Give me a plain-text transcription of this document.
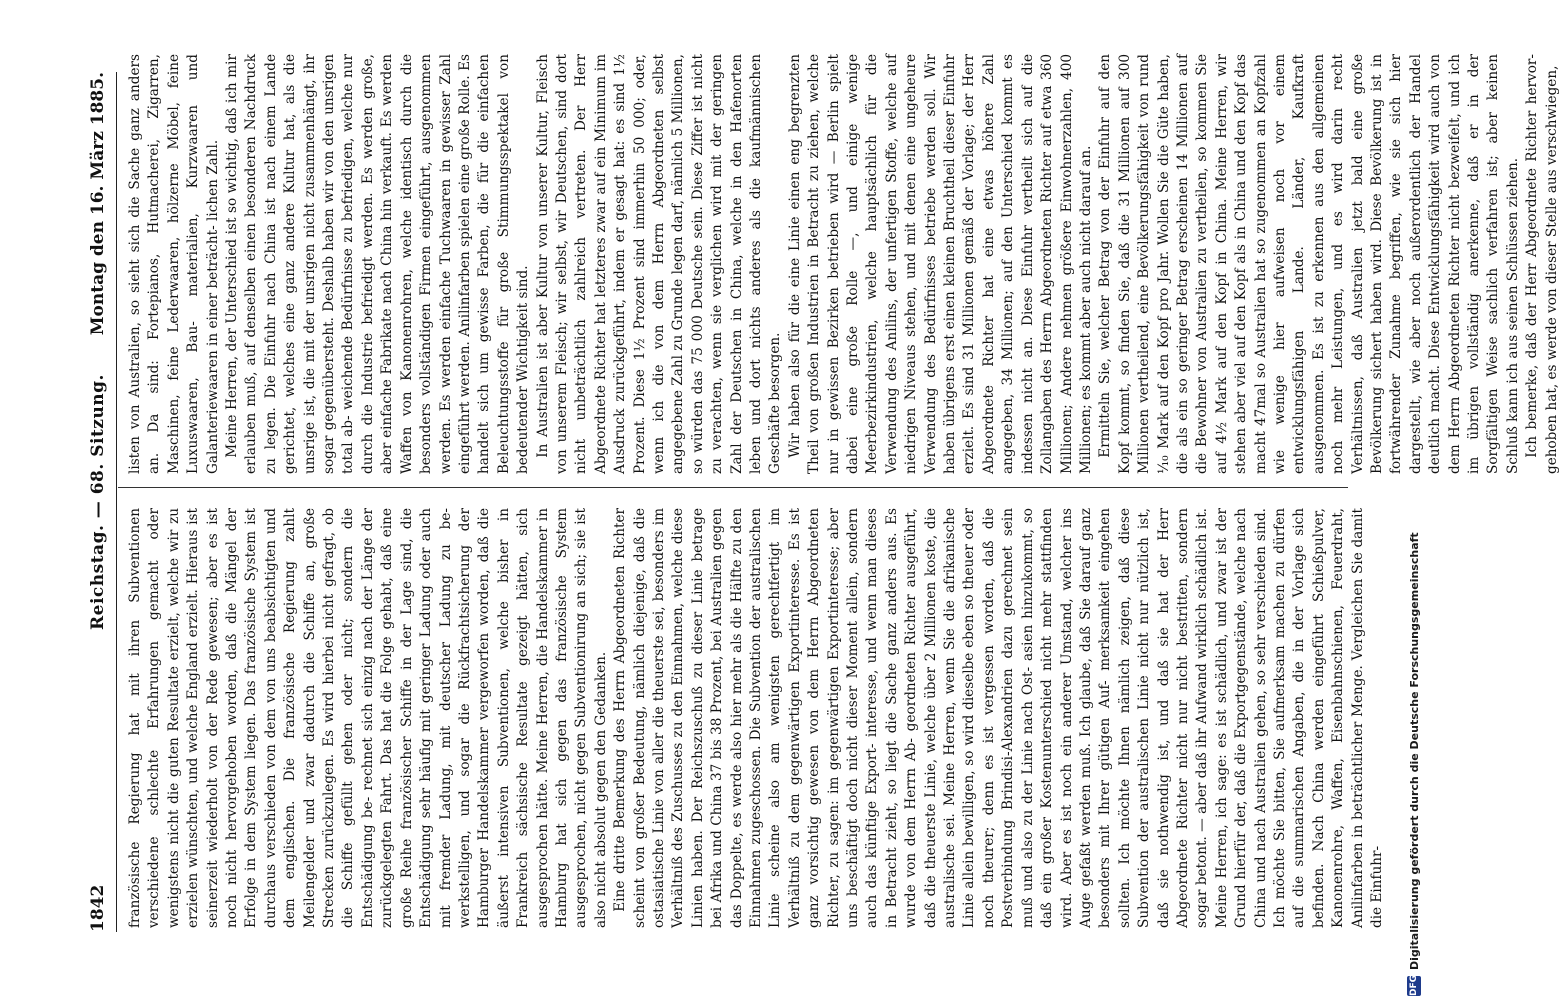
1842
Reichstag. — 68. Sitzung.
Montag den 16. März 1885.

französische Regierung hat mit ihren Subventionen verschiedene schlechte Erfahrungen gemacht oder wenigstens nicht die guten Resultate erzielt, welche wir zu erzielen wünschten, und welche England erzielt. Hieraus ist seinerzeit wiederholt von der Rede gewesen; aber es ist noch nicht hervorgehoben worden, daß die Mängel der Erfolge in dem System liegen. Das französische System ist durchaus verschieden von dem von uns beabsichtigten und dem englischen. Die französische Regierung zahlt Meilengelder und zwar dadurch die Schiffe an, große Strecken zurückzulegen. Es wird hierbei nicht gefragt, ob die Schiffe gefüllt gehen oder nicht; sondern die Entschädigung be- rechnet sich einzig nach der Länge der zurückgelegten Fahrt. Das hat die Folge gehabt, daß eine große Reihe französischer Schiffe in der Lage sind, die Entschädigung sehr häufig mit geringer Ladung oder auch mit fremder Ladung, mit deutscher Ladung zu be- werkstelligen, und sogar die Rückfrachtsicherung der Hamburger Handelskammer vergeworfen worden, daß die äußerst intensiven Subventionen, welche bisher in Frankreich sächsische Resultate gezeigt hätten, sich ausgesprochen hätte. Meine Herren, die Handelskammer in Hamburg hat sich gegen das französische System ausgesprochen, nicht gegen Subventionirung an sich; sie ist also nicht absolut gegen den Gedanken. Eine dritte Bemerkung des Herrn Abgeordneten Richter scheint von großer Bedeutung, nämlich diejenige, daß die ostasiatische Linie von aller die theuerste sei, besonders im Verhältniß des Zuschusses zu den Einnahmen, welche diese Linien haben. Der Reichszuschuß zu dieser Linie betrage bei Afrika und China 37 bis 38 Prozent, bei Australien gegen das Doppelte, es werde also hier mehr als die Hälfte zu den Einnahmen zugeschossen. Die Subvention der australischen Linie scheine also am wenigsten gerechtfertigt im Verhältniß zu dem gegenwärtigen Exportinteresse. Es ist ganz vorsichtig gewesen von dem Herrn Abgeordneten Richter, zu sagen: im gegenwärtigen Exportinteresse; aber uns beschäftigt doch nicht dieser Moment allein, sondern auch das künftige Export- interesse, und wenn man dieses in Betracht zieht, so liegt die Sache ganz anders aus. Es wurde von dem Herrn Ab- geordneten Richter ausgeführt, daß die theuerste Linie, welche über 2 Millionen koste, die australische sei. Meine Herren, wenn Sie die afrikanische Linie allein bewilligen, so wird dieselbe eben so theuer oder noch theurer; denn es ist vergessen worden, daß die Postverbindung Brindisi-Alexandrien dazu gerechnet sein muß und also zu der Linie nach Ost- asien hinzukommt, so daß ein großer Kostenunterschied nicht mehr stattfinden wird. Aber es ist noch ein anderer Umstand, welcher ins Auge gefaßt werden muß. Ich glaube, daß Sie darauf ganz besonders mit Ihrer gütigen Auf- merksamkeit eingehen sollten. Ich möchte Ihnen nämlich zeigen, daß diese Subvention der australischen Linie nicht nur nützlich ist, daß sie nothwendig ist, und daß sie hat der Herr Abgeordnete Richter nicht nur nicht bestritten, sondern sogar betont. — aber daß ihr Aufwand wirklich schädlich ist. Meine Herren, ich sage: es ist schädlich, und zwar ist der Grund hierfür der, daß die Exportgegenstände, welche nach China und nach Australien gehen, so sehr verschieden sind. Ich möchte Sie bitten, Sie aufmerksam machen zu dürfen auf die summarischen Angaben, die in der Vorlage sich befinden. Nach China werden eingeführt Schießpulver, Kanonenrohre, Waffen, Eisenbahnschienen, Feuerdraht, Anilinfarben in beträchtlicher Menge. Vergleichen Sie damit die Einfuhr-

listen von Australien, so sieht sich die Sache ganz anders an. Da sind: Fortepianos, Hutmacherei, Zigarren, Maschinen, feine Lederwaaren, hölzerne Möbel, feine Luxuswaaren, Bau- materialien, Kurzwaaren und Galanteriewaaren in einer beträcht- lichen Zahl. Meine Herren, der Unterschied ist so wichtig, daß ich mir erlauben muß, auf denselben einen besonderen Nachdruck zu legen. Die Einfuhr nach China ist nach einem Lande gerichtet, welches eine ganz andere Kultur hat, als die unsrige ist, die mit der unsrigen nicht zusammenhängt, ihr sogar gegenübersteht. Deshalb haben wir von den unsrigen total ab- weichende Bedürfnisse zu befriedigen, welche nur durch die Industrie befriedigt werden. Es werden große, aber einfache Fabrikate nach China hin verkauft. Es werden Waffen von Kanonenrohren, welche identisch durch die besonders vollständigen Firmen eingeführt, ausgenommen werden. Es werden einfache Tuchwaaren in gewisser Zahl eingeführt werden. Anilinfarben spielen eine große Rolle. Es handelt sich um gewisse Farben, die für die einfachen Beleuchtungsstoffe für große Stimmungsspektakel von bedeutender Wichtigkeit sind. In Australien ist aber Kultur von unserer Kultur, Fleisch von unserem Fleisch; wir selbst, wir Deutschen, sind dort nicht unbeträchtlich zahlreich vertreten. Der Herr Abgeordnete Richter hat letzteres zwar auf ein Minimum im Ausdruck zurückgeführt, indem er gesagt hat: es sind 1½ Prozent. Diese 1½ Prozent sind immerhin 50 000; oder, wenn ich die von dem Herrn Abgeordneten selbst angegebene Zahl zu Grunde legen darf, nämlich 5 Millionen, so würden das 75 000 Deutsche sein. Diese Ziffer ist nicht zu verachten, wenn sie verglichen wird mit der geringen Zahl der Deutschen in China, welche in den Hafenorten leben und dort nichts anderes als die kaufmännischen Geschäfte besorgen. Wir haben also für die eine Linie einen eng begrenzten Theil von großen Industrien in Betracht zu ziehen, welche nur in gewissen Bezirken betrieben wird — Berlin spielt dabei eine große Rolle —, und einige wenige Meerbezirkindustrien, welche hauptsächlich für die Verwendung des Anilins, der unfertigen Stoffe, welche auf niedrigen Niveaus stehen, und mit denen eine ungeheure Verwendung des Bedürfnisses betriebe werden soll. Wir haben übrigens erst einen kleinen Bruchtheil dieser Einfuhr erzielt. Es sind 31 Millionen gemäß der Vorlage; der Herr Abgeordnete Richter hat eine etwas höhere Zahl angegeben, 34 Millionen; auf den Unterschied kommt es indessen nicht an. Diese Einfuhr vertheilt sich auf die Zollangaben des Herrn Abgeordneten Richter auf etwa 360 Millionen; Andere nehmen größere Einwohnerzahlen, 400 Millionen; es kommt aber auch nicht darauf an. Ermitteln Sie, welcher Betrag von der Einfuhr auf den Kopf kommt, so finden Sie, daß die 31 Millionen auf 300 Millionen vertheilend, eine Bevölkerungsfähigkeit von rund ⅒ Mark auf den Kopf pro Jahr. Wollen Sie die Güte haben, die als ein so geringer Betrag erscheinen 14 Millionen auf die Bewohner von Australien zu vertheilen, so kommen Sie auf 4½ Mark auf den Kopf in China. Meine Herren, wir stehen aber viel auf den Kopf als in China und den Kopf das macht 47mal so Australien hat so zugenommen an Kopfzahl wie wenige hier aufweisen noch vor einem entwicklungsfähigen Lande. Länder, Kaufkraft ausgenommen. Es ist zu erkennen aus den allgemeinen noch mehr Leistungen, und es wird darin recht Verhältnissen, daß Australien jetzt bald eine große Bevölkerung sichert haben wird. Diese Bevölkerung ist in fortwährender Zunahme begriffen, wie sie sich hier dargestellt, wie aber noch außerordentlich der Handel deutlich macht. Diese Entwicklungsfähigkeit wird auch von dem Herrn Abgeordneten Richter nicht bezweifelt, und ich im übrigen vollständig anerkenne, daß er in der Sorgfältigen Weise sachlich verfahren ist; aber keinen Schluß kann ich aus seinen Schlüssen ziehen. Ich bemerke, daß der Herr Abgeordnete Richter hervor- gehoben hat, es werde von dieser Stelle aus verschwiegen,

DFG
Digitalisierung gefördert durch die Deutsche Forschungsgemeinschaft
